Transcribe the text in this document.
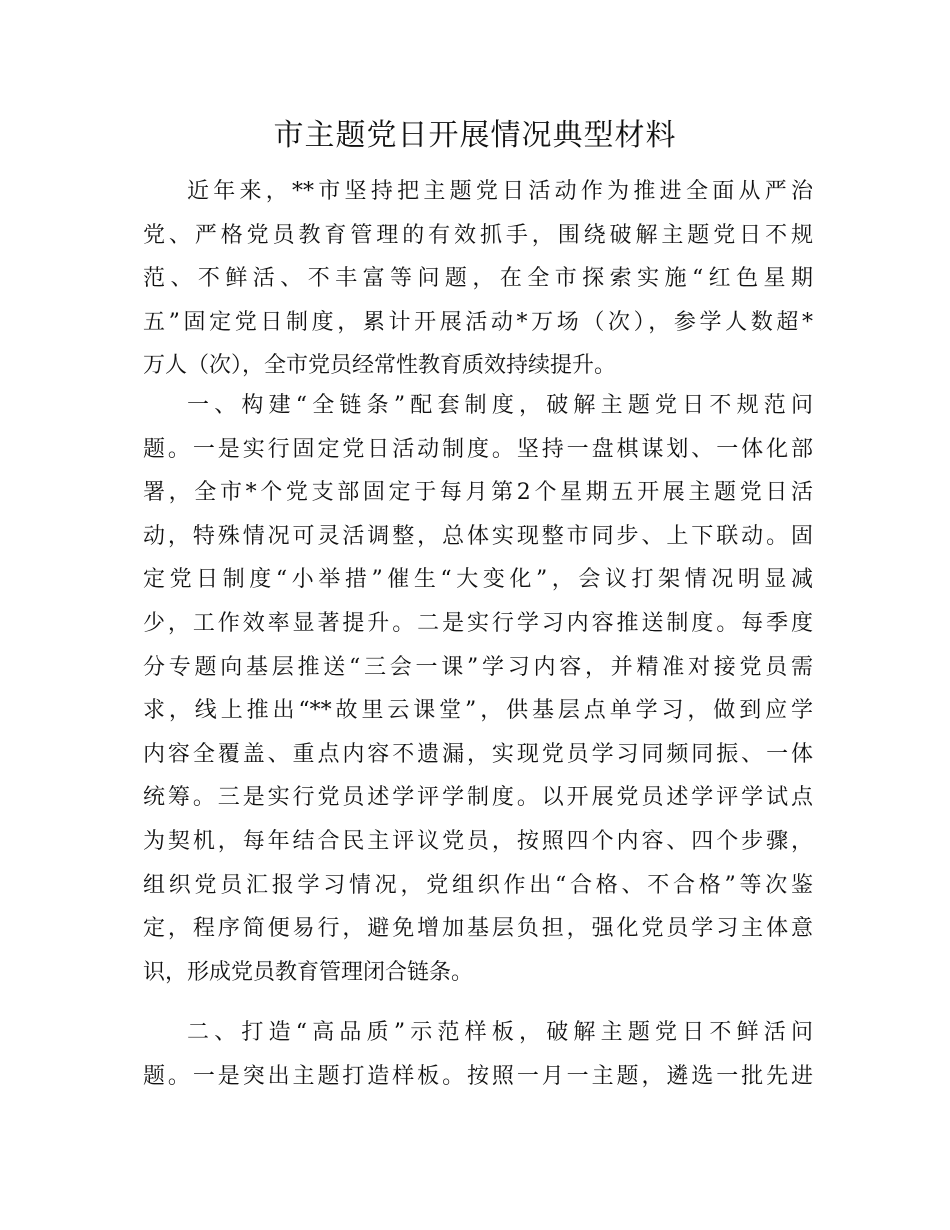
市主题党日开展情况典型材料
近年来，**市坚持把主题党日活动作为推进全面从严治
党、严格党员教育管理的有效抓手，围绕破解主题党日不规
范、不鲜活、不丰富等问题，在全市探索实施“红色星期
五”固定党日制度，累计开展活动*万场（次），参学人数超*
万人（次），全市党员经常性教育质效持续提升。
一、构建“全链条”配套制度，破解主题党日不规范问
题。一是实行固定党日活动制度。坚持一盘棋谋划、一体化部
署，全市*个党支部固定于每月第2个星期五开展主题党日活
动，特殊情况可灵活调整，总体实现整市同步、上下联动。固
定党日制度“小举措”催生“大变化”，会议打架情况明显减
少，工作效率显著提升。二是实行学习内容推送制度。每季度
分专题向基层推送“三会一课”学习内容，并精准对接党员需
求，线上推出“**故里云课堂”，供基层点单学习，做到应学
内容全覆盖、重点内容不遗漏，实现党员学习同频同振、一体
统筹。三是实行党员述学评学制度。以开展党员述学评学试点
为契机，每年结合民主评议党员，按照四个内容、四个步骤，
组织党员汇报学习情况，党组织作出“合格、不合格”等次鉴
定，程序简便易行，避免增加基层负担，强化党员学习主体意
识，形成党员教育管理闭合链条。
二、打造“高品质”示范样板，破解主题党日不鲜活问
题。一是突出主题打造样板。按照一月一主题，遴选一批先进
